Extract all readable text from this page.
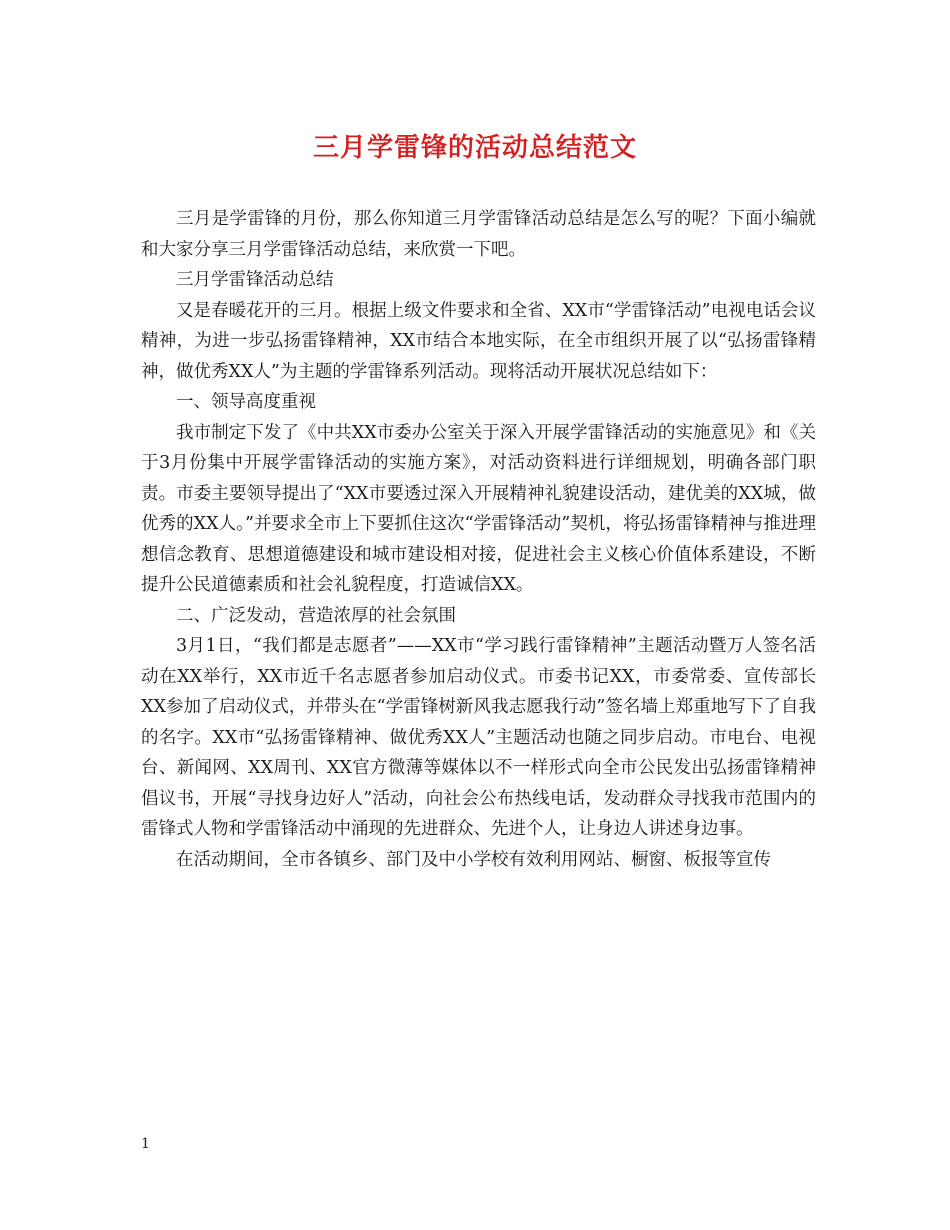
三月学雷锋的活动总结范文

三月是学雷锋的月份，那么你知道三月学雷锋活动总结是怎么写的呢？下面小编就和大家分享三月学雷锋活动总结，来欣赏一下吧。

三月学雷锋活动总结

又是春暖花开的三月。根据上级文件要求和全省、XX市“学雷锋活动”电视电话会议精神，为进一步弘扬雷锋精神，XX市结合本地实际，在全市组织开展了以“弘扬雷锋精神，做优秀XX人”为主题的学雷锋系列活动。现将活动开展状况总结如下：

一、领导高度重视

我市制定下发了《中共XX市委办公室关于深入开展学雷锋活动的实施意见》和《关于3月份集中开展学雷锋活动的实施方案》，对活动资料进行详细规划，明确各部门职责。市委主要领导提出了“XX市要透过深入开展精神礼貌建设活动，建优美的XX城，做优秀的XX人。”并要求全市上下要抓住这次“学雷锋活动”契机，将弘扬雷锋精神与推进理想信念教育、思想道德建设和城市建设相对接，促进社会主义核心价值体系建设，不断提升公民道德素质和社会礼貌程度，打造诚信XX。

二、广泛发动，营造浓厚的社会氛围

3月1日，“我们都是志愿者”——XX市“学习践行雷锋精神”主题活动暨万人签名活动在XX举行，XX市近千名志愿者参加启动仪式。市委书记XX，市委常委、宣传部长XX参加了启动仪式，并带头在“学雷锋树新风我志愿我行动”签名墙上郑重地写下了自我的名字。XX市“弘扬雷锋精神、做优秀XX人”主题活动也随之同步启动。市电台、电视台、新闻网、XX周刊、XX官方微薄等媒体以不一样形式向全市公民发出弘扬雷锋精神倡议书，开展“寻找身边好人”活动，向社会公布热线电话，发动群众寻找我市范围内的雷锋式人物和学雷锋活动中涌现的先进群众、先进个人，让身边人讲述身边事。

在活动期间，全市各镇乡、部门及中小学校有效利用网站、橱窗、板报等宣传

1
